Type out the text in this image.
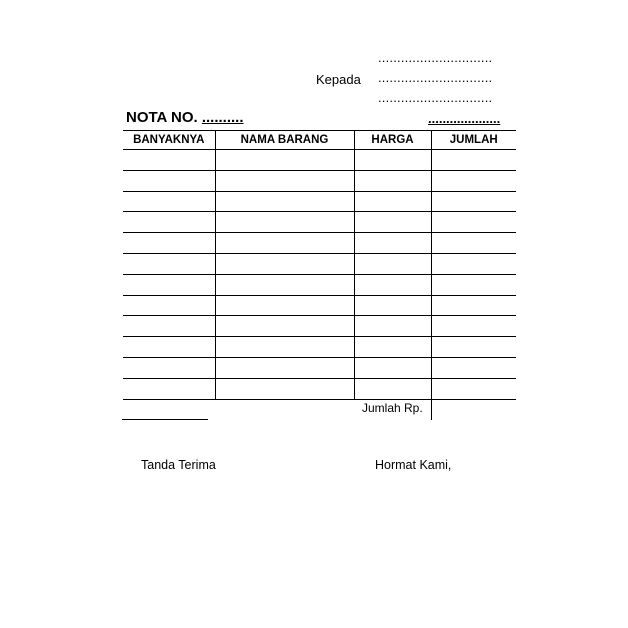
..............................
Kepada ..............................
..............................
NOTA NO. ..........	....................
BANYAKNYA	NAMA BARANG	HARGA	JUMLAH

Jumlah Rp.
Tanda Terima	Hormat Kami,
